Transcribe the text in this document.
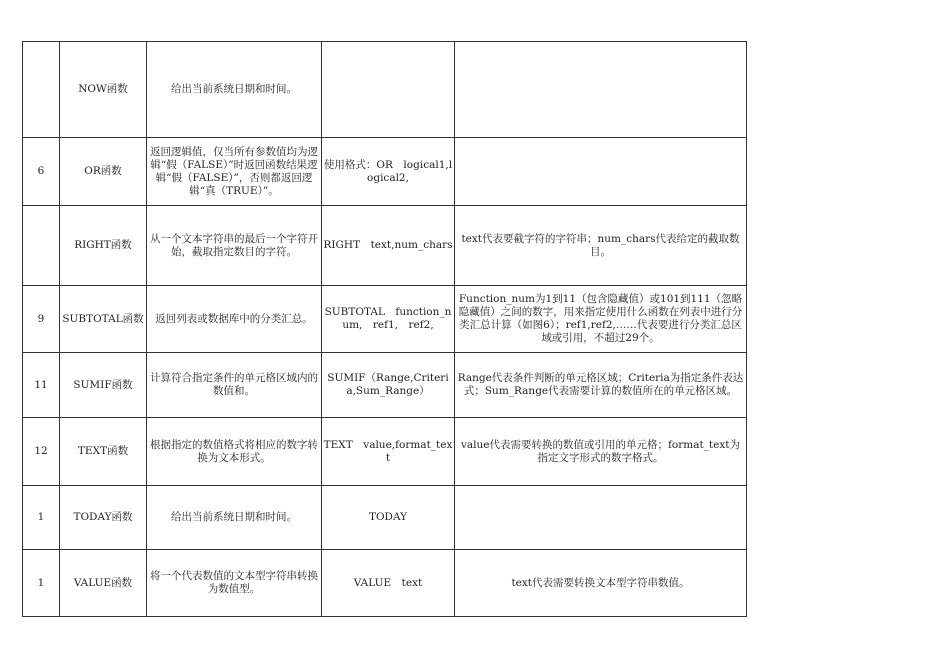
	NOW函数	给出当前系统日期和时间。		
6	OR函数	返回逻辑值，仅当所有参数值均为逻辑“假（FALSE）”时返回函数结果逻辑“假（FALSE）”，否则都返回逻辑“真（TRUE）”。	使用格式：OR　logical1,logical2,	
	RIGHT函数	从一个文本字符串的最后一个字符开始，截取指定数目的字符。	RIGHT　text,num_chars	text代表要截字符的字符串；num_chars代表给定的截取数目。
9	SUBTOTAL函数	返回列表或数据库中的分类汇总。	SUBTOTAL　function_num,　ref1,　ref2,	Function_num为1到11（包含隐藏值）或101到111（忽略隐藏值）之间的数字，用来指定使用什么函数在列表中进行分类汇总计算（如图6）；ref1,ref2,……代表要进行分类汇总区域或引用，不超过29个。
11	SUMIF函数	计算符合指定条件的单元格区域内的数值和。	SUMIF（Range,Criteria,Sum_Range）	Range代表条件判断的单元格区域；Criteria为指定条件表达式；Sum_Range代表需要计算的数值所在的单元格区域。
12	TEXT函数	根据指定的数值格式将相应的数字转换为文本形式。	TEXT　value,format_text	value代表需要转换的数值或引用的单元格；format_text为指定文字形式的数字格式。
1	TODAY函数	给出当前系统日期和时间。	TODAY	
1	VALUE函数	将一个代表数值的文本型字符串转换为数值型。	VALUE　text	text代表需要转换文本型字符串数值。
